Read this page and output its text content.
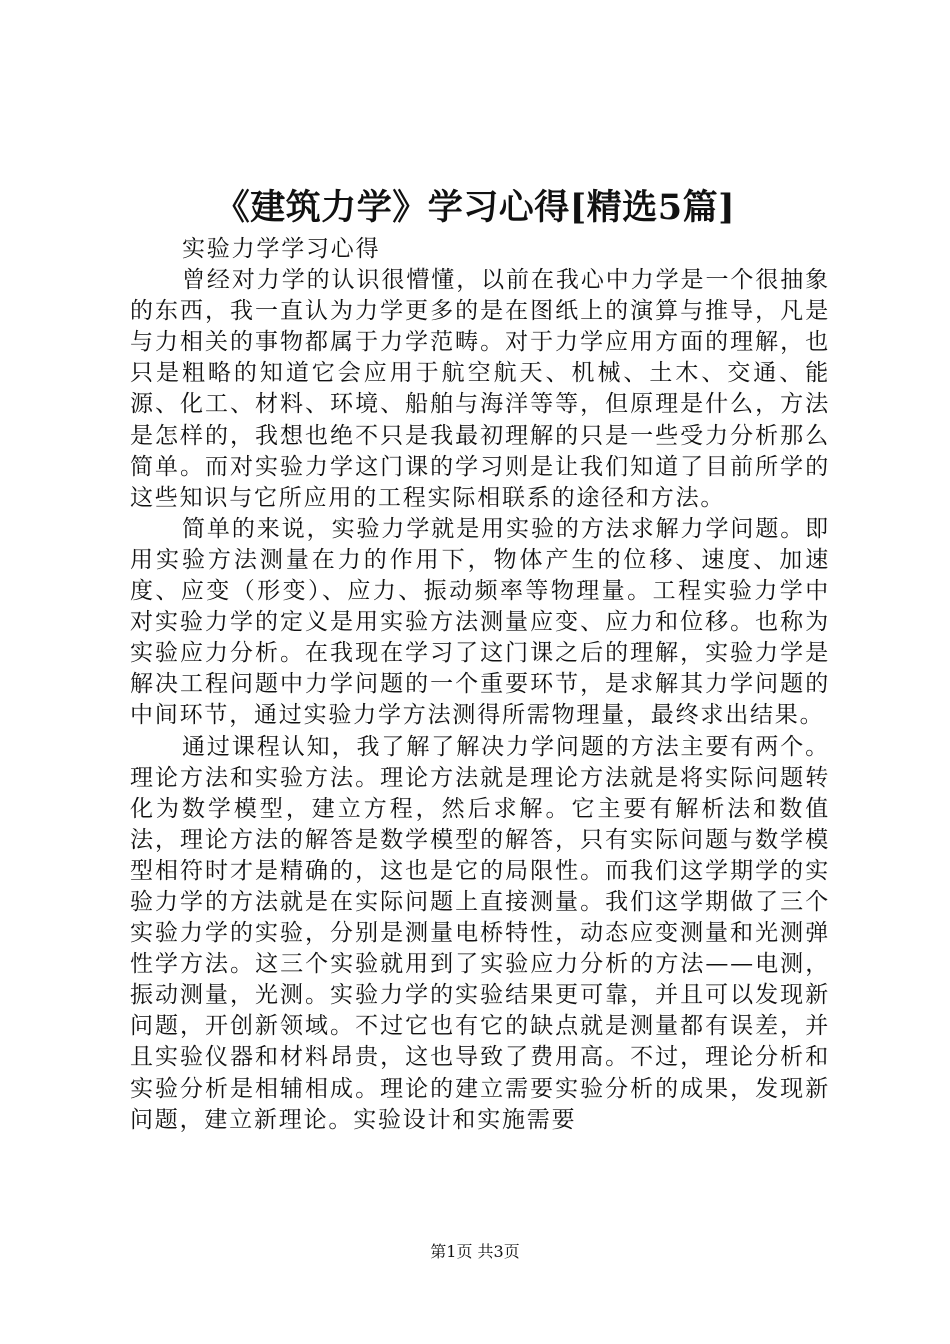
《建筑力学》学习心得[精选5篇]

实验力学学习心得

曾经对力学的认识很懵懂，以前在我心中力学是一个很抽象的东西，我一直认为力学更多的是在图纸上的演算与推导，凡是与力相关的事物都属于力学范畴。对于力学应用方面的理解，也只是粗略的知道它会应用于航空航天、机械、土木、交通、能源、化工、材料、环境、船舶与海洋等等，但原理是什么，方法是怎样的，我想也绝不只是我最初理解的只是一些受力分析那么简单。而对实验力学这门课的学习则是让我们知道了目前所学的这些知识与它所应用的工程实际相联系的途径和方法。

简单的来说，实验力学就是用实验的方法求解力学问题。即用实验方法测量在力的作用下，物体产生的位移、速度、加速度、应变（形变）、应力、振动频率等物理量。工程实验力学中对实验力学的定义是用实验方法测量应变、应力和位移。也称为实验应力分析。在我现在学习了这门课之后的理解，实验力学是解决工程问题中力学问题的一个重要环节，是求解其力学问题的中间环节，通过实验力学方法测得所需物理量，最终求出结果。

通过课程认知，我了解了解决力学问题的方法主要有两个。理论方法和实验方法。理论方法就是理论方法就是将实际问题转化为数学模型，建立方程，然后求解。它主要有解析法和数值法，理论方法的解答是数学模型的解答，只有实际问题与数学模型相符时才是精确的，这也是它的局限性。而我们这学期学的实验力学的方法就是在实际问题上直接测量。我们这学期做了三个实验力学的实验，分别是测量电桥特性，动态应变测量和光测弹性学方法。这三个实验就用到了实验应力分析的方法——电测，振动测量，光测。实验力学的实验结果更可靠，并且可以发现新问题，开创新领域。不过它也有它的缺点就是测量都有误差，并且实验仪器和材料昂贵，这也导致了费用高。不过，理论分析和实验分析是相辅相成。理论的建立需要实验分析的成果，发现新问题，建立新理论。实验设计和实施需要

第1页 共3页
